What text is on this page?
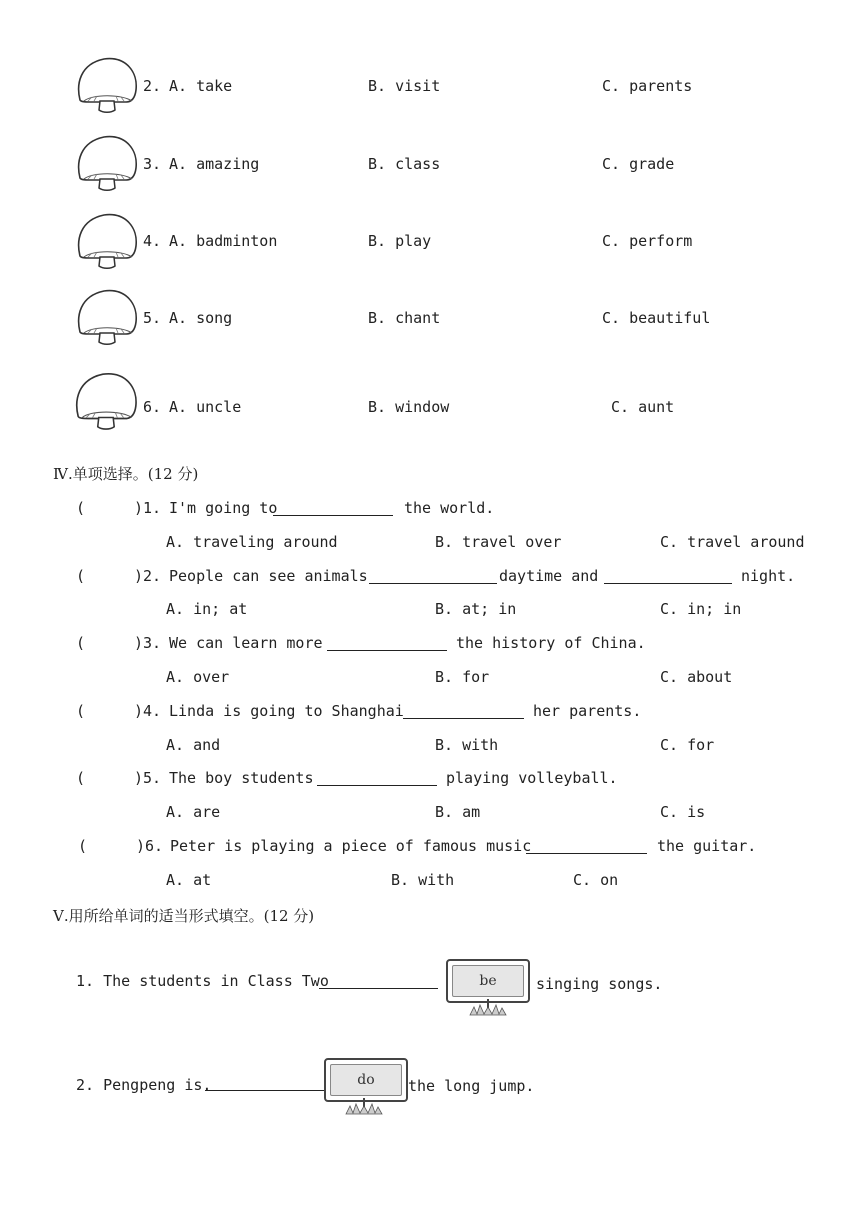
2. A. take	B. visit	C. parents
3. A. amazing	B. class	C. grade
4. A. badminton	B. play	C. perform
5. A. song	B. chant	C. beautiful
6. A. uncle	B. window	C. aunt
Ⅳ.单项选择。(12 分)
(	)1. I'm going to	the world.
A. traveling around	B. travel over	C. travel around
(	)2. People can see animals	daytime and	night.
A. in; at	B. at; in	C. in; in
(	)3. We can learn more	the history of China.
A. over	B. for	C. about
(	)4. Linda is going to Shanghai	her parents.
A. and	B. with	C. for
(	)5. The boy students	playing volleyball.
A. are	B. am	C. is
(	)6. Peter is playing a piece of famous music	the guitar.
A. at	B. with	C. on
Ⅴ.用所给单词的适当形式填空。(12 分)
1. The students in Class Two	be	singing songs.
2. Pengpeng is.	do	the long jump.
